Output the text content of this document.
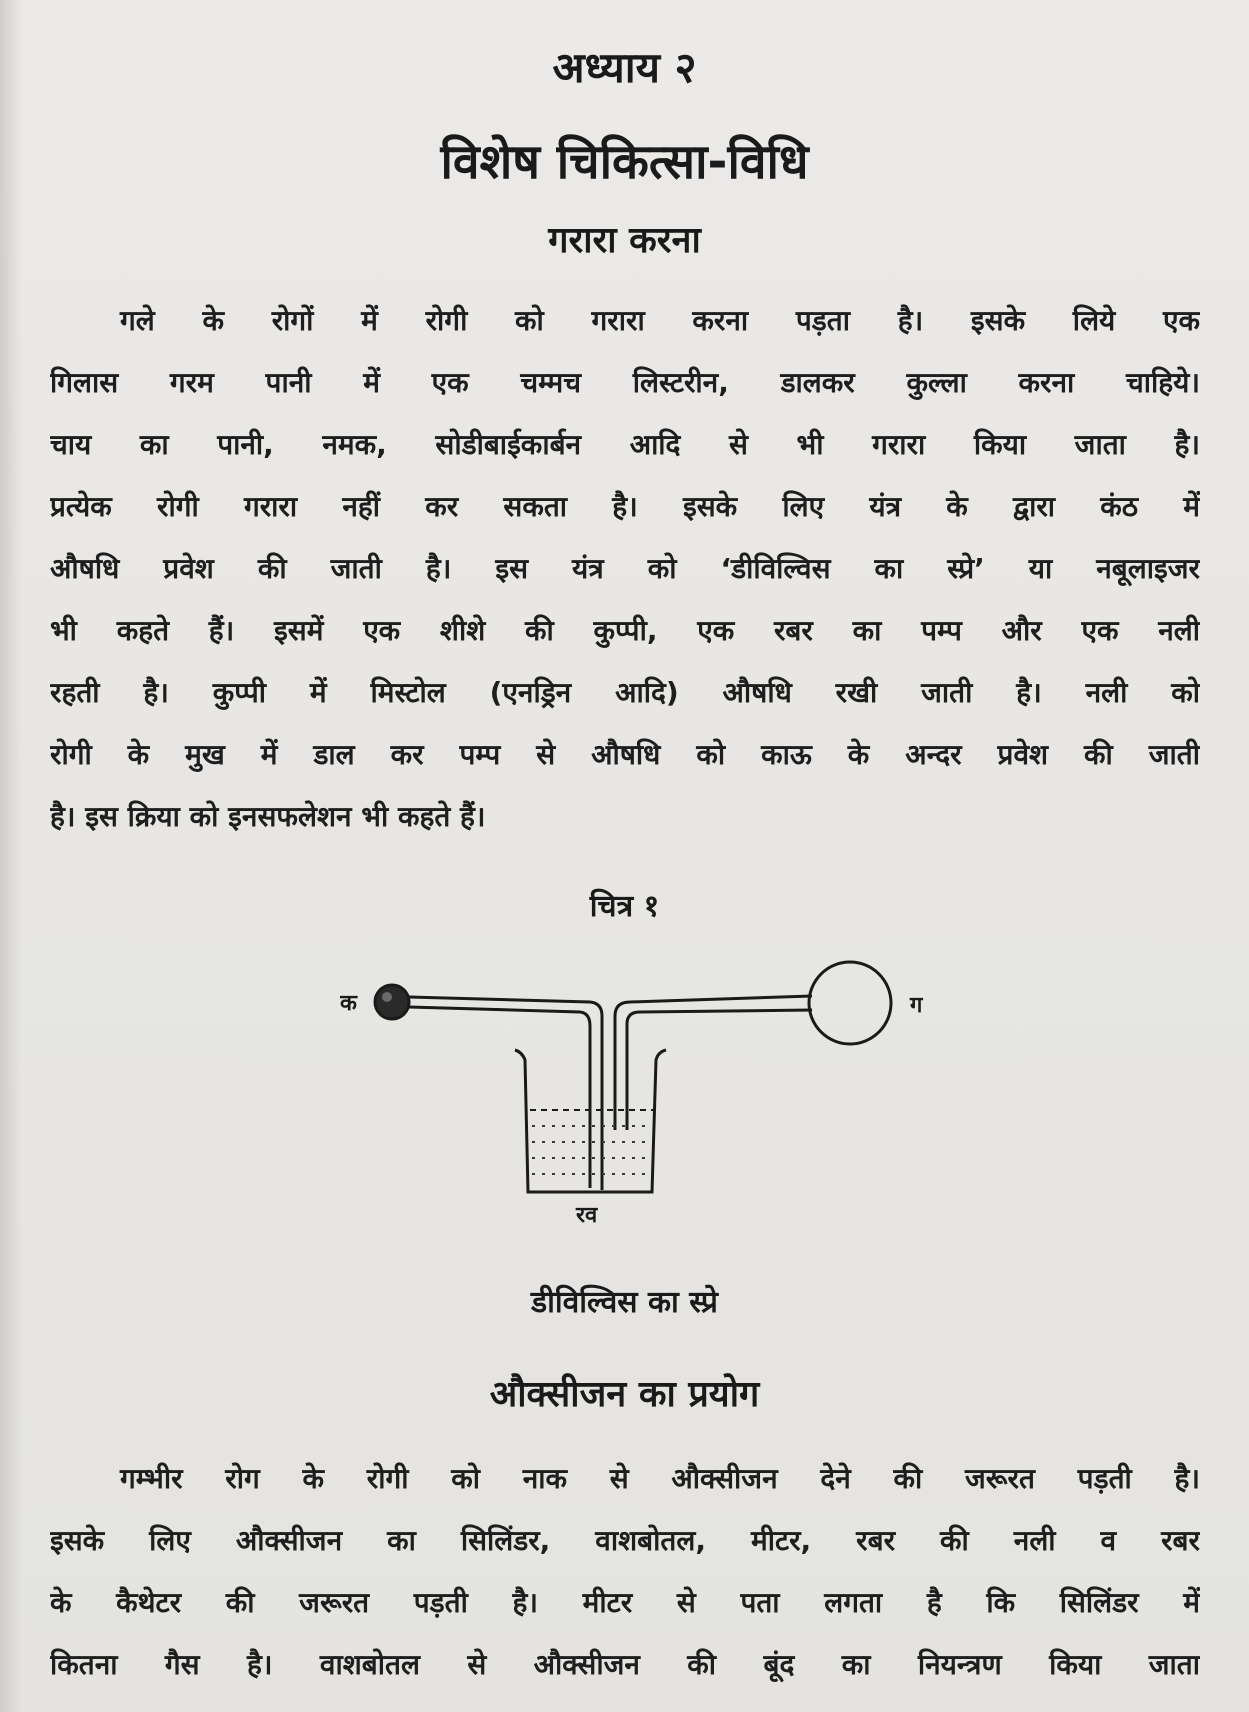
अध्याय २
विशेष चिकित्सा-विधि
गरारा करना
गले के रोगों में रोगी को गरारा करना पड़ता है। इसके लिये एक
गिलास गरम पानी में एक चम्मच लिस्टरीन, डालकर कुल्ला करना चाहिये।
चाय का पानी, नमक, सोडीबाईकार्बन आदि से भी गरारा किया जाता है।
प्रत्येक रोगी गरारा नहीं कर सकता है। इसके लिए यंत्र के द्वारा कंठ में
औषधि प्रवेश की जाती है। इस यंत्र को ‘डीविल्विस का स्प्रे’ या नबूलाइजर
भी कहते हैं। इसमें एक शीशे की कुप्पी, एक रबर का पम्प और एक नली
रहती है। कुप्पी में मिस्टोल (एनड्रिन आदि) औषधि रखी जाती है। नली को
रोगी के मुख में डाल कर पम्प से औषधि को काऊ के अन्दर प्रवेश की जाती
है। इस क्रिया को इनसफलेशन भी कहते हैं।
चित्र १
क	ग
रव
डीविल्विस का स्प्रे
औक्सीजन का प्रयोग
गम्भीर रोग के रोगी को नाक से औक्सीजन देने की जरूरत पड़ती है।
इसके लिए औक्सीजन का सिलिंडर, वाशबोतल, मीटर, रबर की नली व रबर
के कैथेटर की जरूरत पड़ती है। मीटर से पता लगता है कि सिलिंडर में
कितना गैस है। वाशबोतल से औक्सीजन की बूंद का नियन्त्रण किया जाता
